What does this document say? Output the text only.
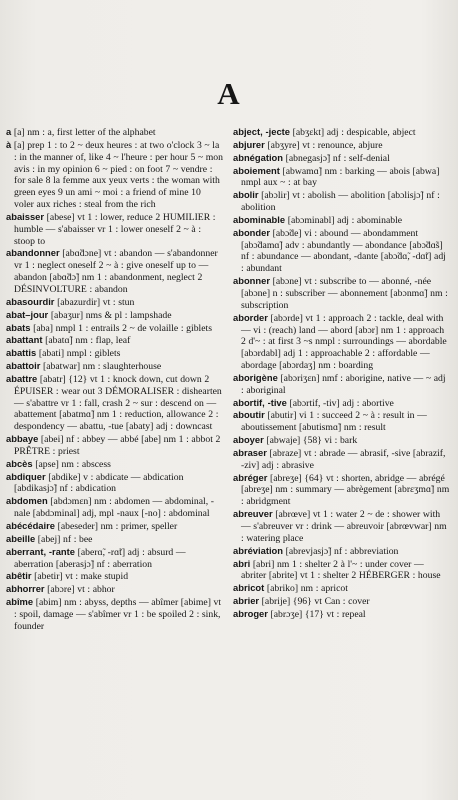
A

a [a] nm : a, first letter of the alphabet

à [a] prep 1 : to 2 ~ deux heures : at two o'clock 3 ~ la : in the manner of, like 4 ~ l'heure : per hour 5 ~ mon avis : in my opinion 6 ~ pied : on foot 7 ~ vendre : for sale 8 la femme aux yeux verts : the woman with green eyes 9 un ami ~ moi : a friend of mine 10 voler aux riches : steal from the rich

abaisser [abese] vt 1 : lower, reduce 2 HUMILIER : humble — s'abaisser vr 1 : lower oneself 2 ~ à : stoop to

abandonner [abɑ̃dɔne] vt : abandon — s'abandonner vr 1 : neglect oneself 2 ~ à : give oneself up to — abandon [abɑ̃dɔ̃] nm 1 : abandonment, neglect 2 DÉSINVOLTURE : abandon

abasourdir [abazurdir] vt : stun

abat–jour [abaʒur] nms & pl : lampshade

abats [aba] nmpl 1 : entrails 2 ~ de volaille : giblets

abattant [abatɑ̃] nm : flap, leaf

abattis [abati] nmpl : giblets

abattoir [abatwar] nm : slaughterhouse

abattre [abatr] {12} vt 1 : knock down, cut down 2 ÉPUISER : wear out 3 DÉMORALISER : dishearten — s'abattre vr 1 : fall, crash 2 ~ sur : descend on — abattement [abatmɑ̃] nm 1 : reduction, allowance 2 : despondency — abattu, -tue [abaty] adj : downcast

abbaye [abei] nf : abbey — abbé [abe] nm 1 : abbot 2 PRÊTRE : priest

abcès [apse] nm : abscess

abdiquer [abdike] v : abdicate — abdication [abdikasjɔ̃] nf : abdication

abdomen [abdɔmɛn] nm : abdomen — abdominal, -nale [abdɔminal] adj, mpl -naux [-no] : abdominal

abécédaire [abeseder] nm : primer, speller

abeille [abej] nf : bee

aberrant, -rante [aberɑ̃, -rɑ̃t] adj : absurd — aberration [aberasjɔ̃] nf : aberration

abêtir [abetir] vt : make stupid

abhorrer [abɔre] vt : abhor

abîme [abim] nm : abyss, depths — abîmer [abime] vt : spoil, damage — s'abîmer vr 1 : be spoiled 2 : sink, founder

abject, -jecte [abʒɛkt] adj : despicable, abject

abjurer [abʒyre] vt : renounce, abjure

abnégation [abnegasjɔ̃] nf : self-denial

aboiement [abwamɑ̃] nm : barking — abois [abwa] nmpl aux ~ : at bay

abolir [abɔlir] vt : abolish — abolition [abɔlisjɔ̃] nf : abolition

abominable [abɔminabl] adj : abominable

abonder [abɔ̃de] vi : abound — abondamment [abɔ̃damɑ̃] adv : abundantly — abondance [abɔ̃dɑ̃s] nf : abundance — abondant, -dante [abɔ̃dɑ̃, -dɑ̃t] adj : abundant

abonner [abɔne] vt : subscribe to — abonné, -née [abɔne] n : subscriber — abonnement [abɔnmɑ̃] nm : subscription

aborder [abɔrde] vt 1 : approach 2 : tackle, deal with — vi : (reach) land — abord [abɔr] nm 1 : approach 2 d'~ : at first 3 ~s nmpl : surroundings — abordable [abɔrdabl] adj 1 : approachable 2 : affordable — abordage [abɔrdaʒ] nm : boarding

aborigène [abɔriʒɛn] nmf : aborigine, native — ~ adj : aboriginal

abortif, -tive [abɔrtif, -tiv] adj : abortive

aboutir [abutir] vi 1 : succeed 2 ~ à : result in — aboutissement [abutismɑ̃] nm : result

aboyer [abwaje] {58} vi : bark

abraser [abraze] vt : abrade — abrasif, -sive [abrazif, -ziv] adj : abrasive

abréger [abreʒe] {64} vt : shorten, abridge — abrégé [abreʒe] nm : summary — abrègement [abrɛʒmɑ̃] nm : abridgment

abreuver [abrœve] vt 1 : water 2 ~ de : shower with — s'abreuver vr : drink — abreuvoir [abrœvwar] nm : watering place

abréviation [abrevjasjɔ̃] nf : abbreviation

abri [abri] nm 1 : shelter 2 à l'~ : under cover — abriter [abrite] vt 1 : shelter 2 HÉBERGER : house

abricot [abriko] nm : apricot

abrier [abrije] {96} vt Can : cover

abroger [abrɔʒe] {17} vt : repeal
